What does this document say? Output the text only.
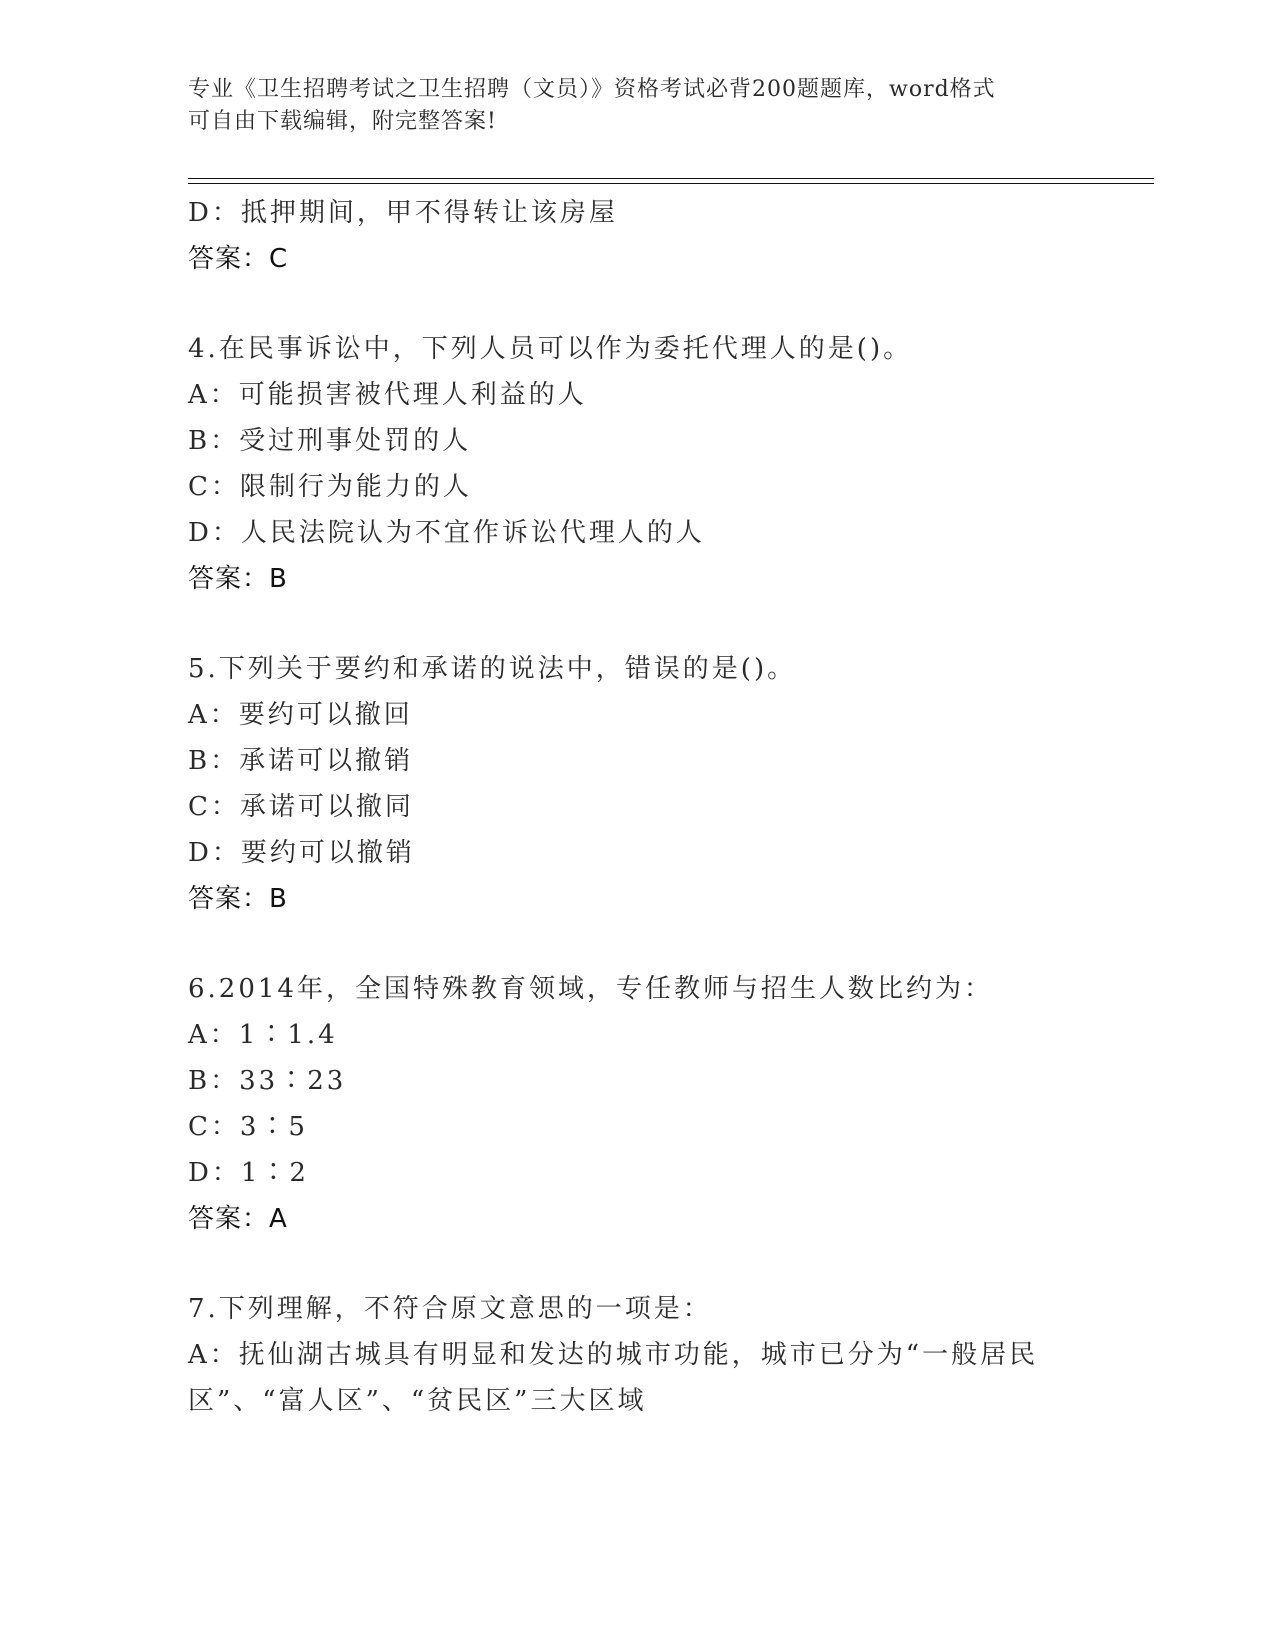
专业《卫生招聘考试之卫生招聘（文员）》资格考试必背200题题库，word格式
可自由下载编辑，附完整答案!
D：抵押期间，甲不得转让该房屋
答案：C
4.在民事诉讼中，下列人员可以作为委托代理人的是()。
A：可能损害被代理人利益的人
B：受过刑事处罚的人
C：限制行为能力的人
D：人民法院认为不宜作诉讼代理人的人
答案：B
5.下列关于要约和承诺的说法中，错误的是()。
A：要约可以撤回
B：承诺可以撤销
C：承诺可以撤同
D：要约可以撤销
答案：B
6.2014年，全国特殊教育领域，专任教师与招生人数比约为：
A：1∶1.4
B：33∶23
C：3∶5
D：1∶2
答案：A
7.下列理解，不符合原文意思的一项是：
A：抚仙湖古城具有明显和发达的城市功能，城市已分为“一般居民区”、“富人区”、“贫民区”三大区域
